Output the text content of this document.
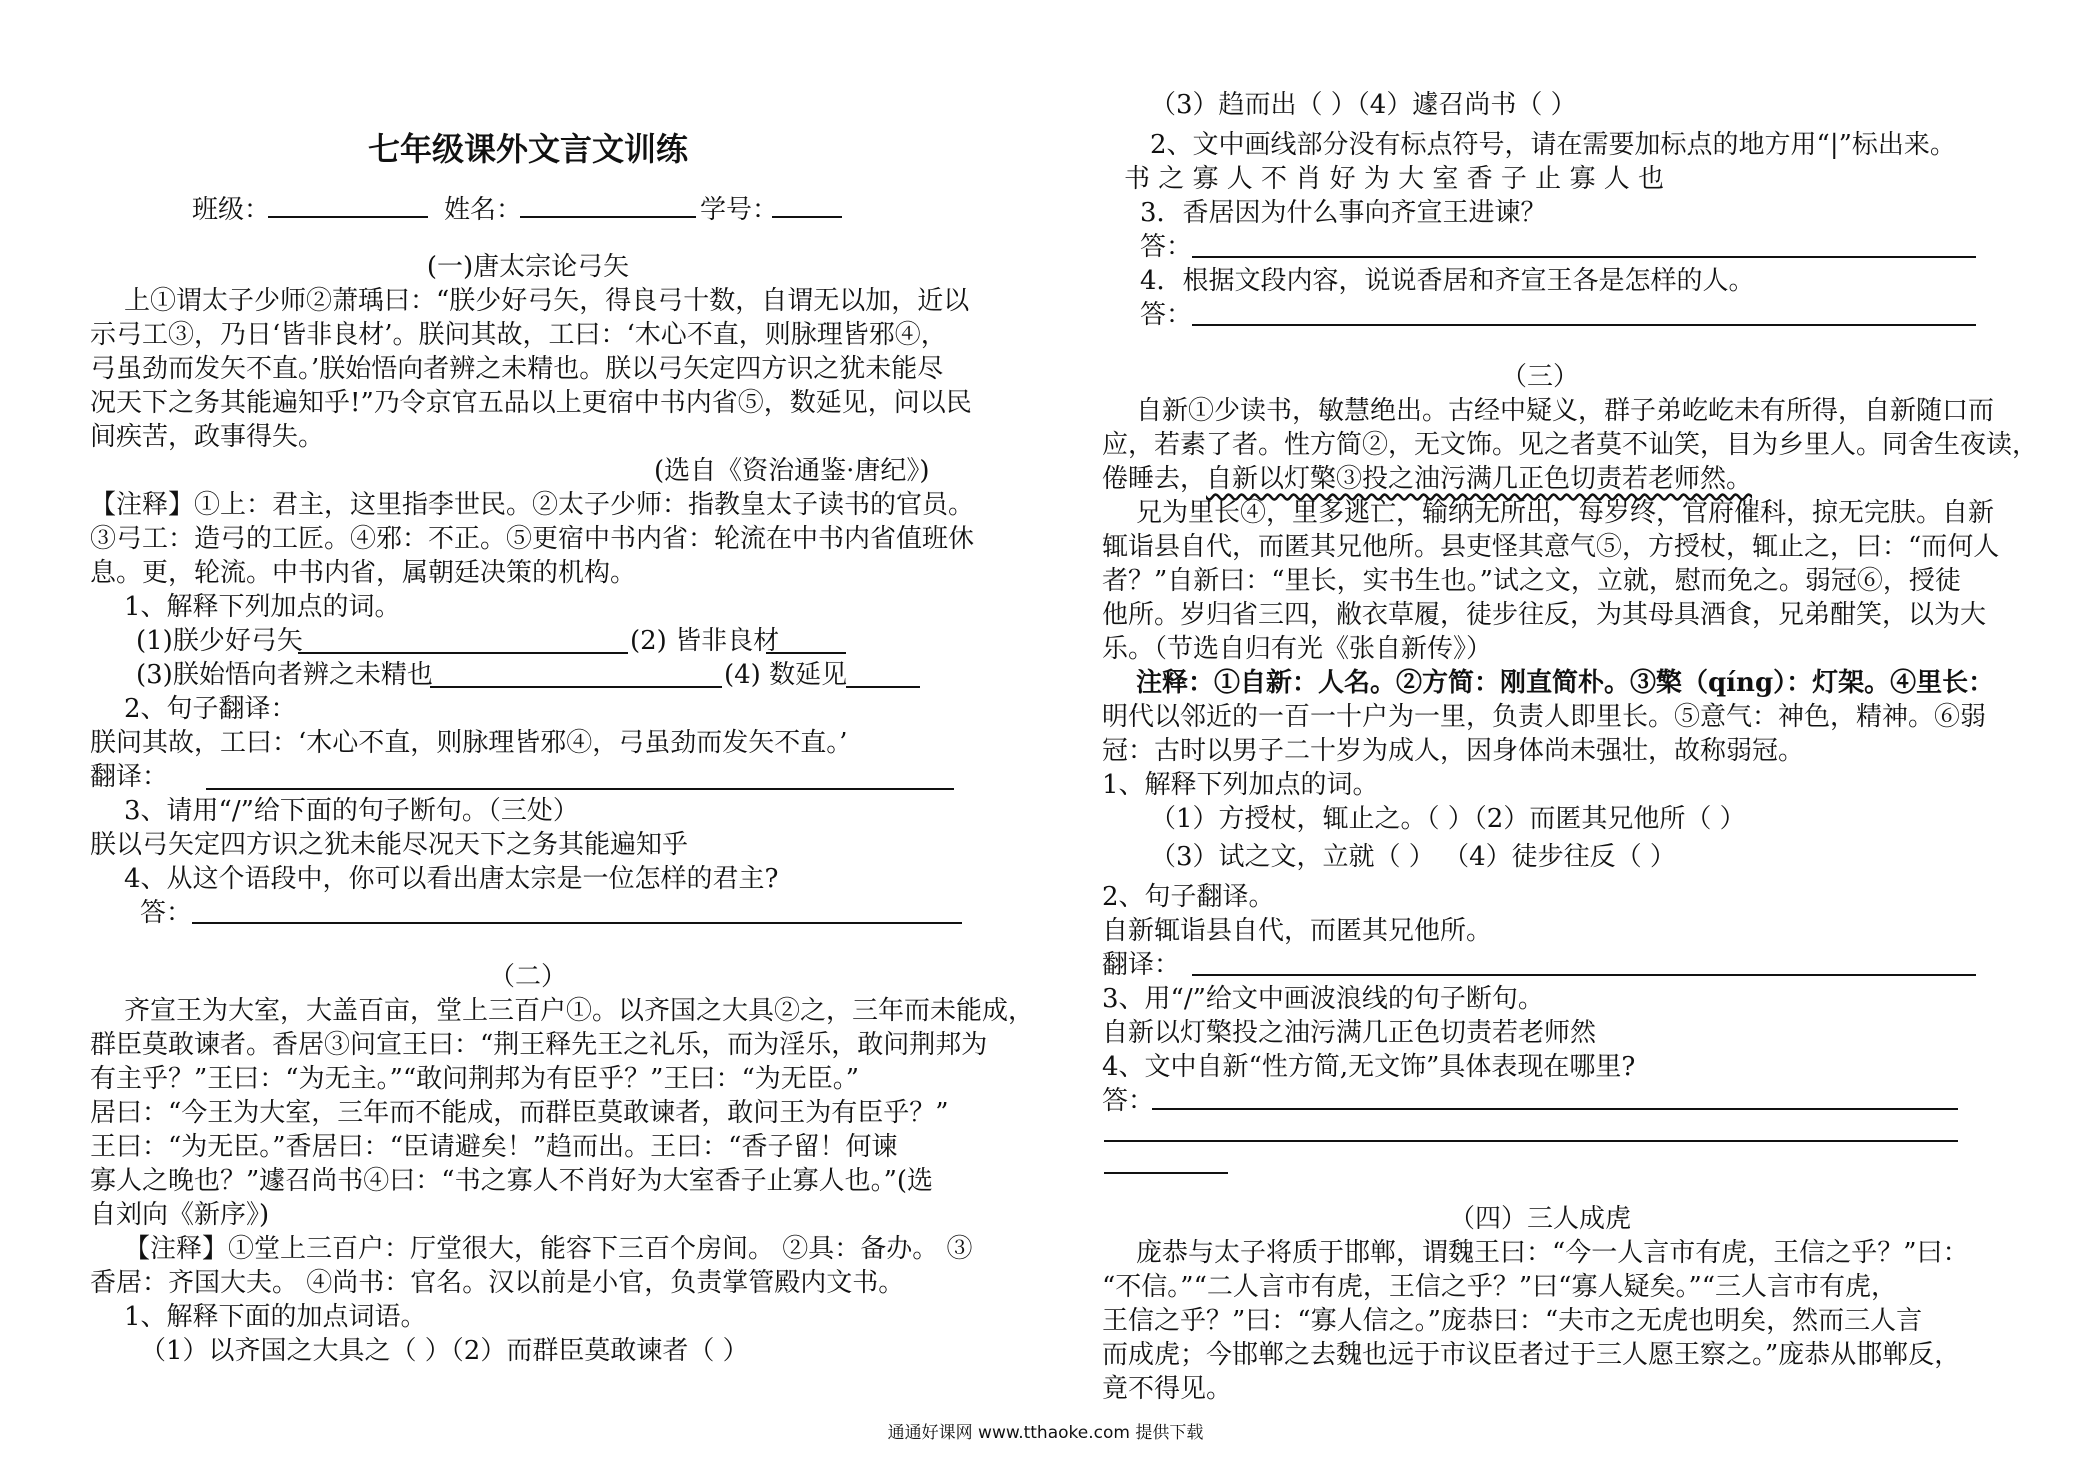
七年级课外文言文训练
班级：	姓名：	学号：
(一)唐太宗论弓矢
上①谓太子少师②萧瑀曰：“朕少好弓矢，得良弓十数，自谓无以加，近以
示弓工③，乃日‘皆非良材’。朕问其故，工曰：‘木心不直，则脉理皆邪④，
弓虽劲而发矢不直。’朕始悟向者辨之未精也。朕以弓矢定四方识之犹未能尽
况天下之务其能遍知乎!”乃令京官五品以上更宿中书内省⑤，数延见，问以民
间疾苦，政事得失。
(选自《资治通鉴·唐纪》)
【注释】①上：君主，这里指李世民。②太子少师：指教皇太子读书的官员。
③弓工：造弓的工匠。④邪：不正。⑤更宿中书内省：轮流在中书内省值班休
息。更，轮流。中书内省，属朝廷决策的机构。
1、解释下列加点的词。
(1)朕少好弓矢	(2) 皆非良材
(3)朕始悟向者辨之未精也	(4) 数延见
2、句子翻译：
朕问其故，工曰：‘木心不直，则脉理皆邪④，弓虽劲而发矢不直。’
翻译：
3、请用“/”给下面的句子断句。（三处）
朕以弓矢定四方识之犹未能尽况天下之务其能遍知乎
4、从这个语段中，你可以看出唐太宗是一位怎样的君主?
答：
（二）
齐宣王为大室，大盖百亩，堂上三百户①。以齐国之大具②之，三年而未能成，
群臣莫敢谏者。香居③问宣王曰：“荆王释先王之礼乐，而为淫乐，敢问荆邦为
有主乎？”王曰：“为无主。”“敢问荆邦为有臣乎？”王曰：“为无臣。”
居曰：“今王为大室，三年而不能成，而群臣莫敢谏者，敢问王为有臣乎？”
王曰：“为无臣。”香居曰：“臣请避矣！”趋而出。王曰：“香子留！何谏
寡人之晚也？”遽召尚书④曰：“书之寡人不肖好为大室香子止寡人也。”(选
自刘向《新序》)
【注释】①堂上三百户：厅堂很大，能容下三百个房间。 ②具：备办。 ③
香居：齐国大夫。 ④尚书：官名。汉以前是小官，负责掌管殿内文书。
1、解释下面的加点词语。
（1）以齐国之大具之（ ）（2）而群臣莫敢谏者（ ）
（3）趋而出（ ）（4）遽召尚书（ ）
2、文中画线部分没有标点符号，请在需要加标点的地方用“|”标出来。
书 之 寡 人 不 肖 好 为 大 室 香 子 止 寡 人 也
3．香居因为什么事向齐宣王进谏？
答：
4．根据文段内容，说说香居和齐宣王各是怎样的人。
答：
（三）
自新①少读书，敏慧绝出。古经中疑义，群子弟屹屹未有所得，自新随口而
应，若素了者。性方简②，无文饰。见之者莫不讪笑，目为乡里人。同舍生夜读，
倦睡去，自新以灯檠③投之油污满几正色切责若老师然。
兄为里长④，里多逃亡，输纳无所出，每岁终，官府催科，掠无完肤。自新
辄诣县自代，而匿其兄他所。县吏怪其意气⑤，方授杖，辄止之，曰：“而何人
者？”自新曰：“里长，实书生也。”试之文，立就，慰而免之。弱冠⑥，授徒
他所。岁归省三四，敝衣草履，徒步往反，为其母具酒食，兄弟酣笑，以为大
乐。（节选自归有光《张自新传》）
注释：①自新：人名。②方简：刚直简朴。③檠（qíng）：灯架。④里长：
明代以邻近的一百一十户为一里，负责人即里长。⑤意气：神色，精神。⑥弱
冠：古时以男子二十岁为成人，因身体尚未强壮，故称弱冠。
1、解释下列加点的词。
（1）方授杖，辄止之。（ ）（2）而匿其兄他所（ ）
（3）试之文，立就（ ） （4）徒步往反（ ）
2、句子翻译。
自新辄诣县自代，而匿其兄他所。
翻译：
3、用“/”给文中画波浪线的句子断句。
自新以灯檠投之油污满几正色切责若老师然
4、文中自新“性方简,无文饰”具体表现在哪里?
答：
（四）三人成虎
庞恭与太子将质于邯郸，谓魏王曰：“今一人言市有虎，王信之乎？”曰：
“不信。”“二人言市有虎，王信之乎？”曰“寡人疑矣。”“三人言市有虎，
王信之乎？”曰：“寡人信之。”庞恭曰：“夫市之无虎也明矣，然而三人言
而成虎；今邯郸之去魏也远于市议臣者过于三人愿王察之。”庞恭从邯郸反，
竟不得见。
通通好课网 www.tthaoke.com 提供下载
